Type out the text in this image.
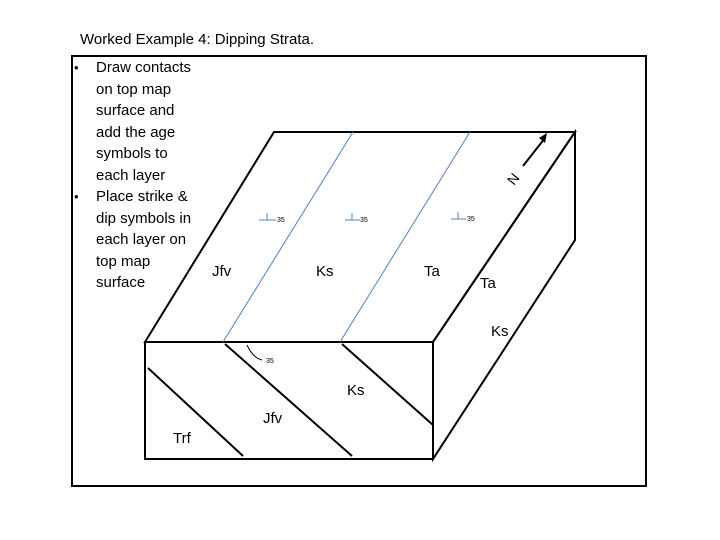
Worked Example 4: Dipping Strata.
• Draw contacts on top map surface and add the age symbols to each layer
• Place strike & dip symbols in each layer on top map surface
35	35	35
35
N
Jfv	Ks	Ta
Ta
Ks
Ks
Jfv
Trf
